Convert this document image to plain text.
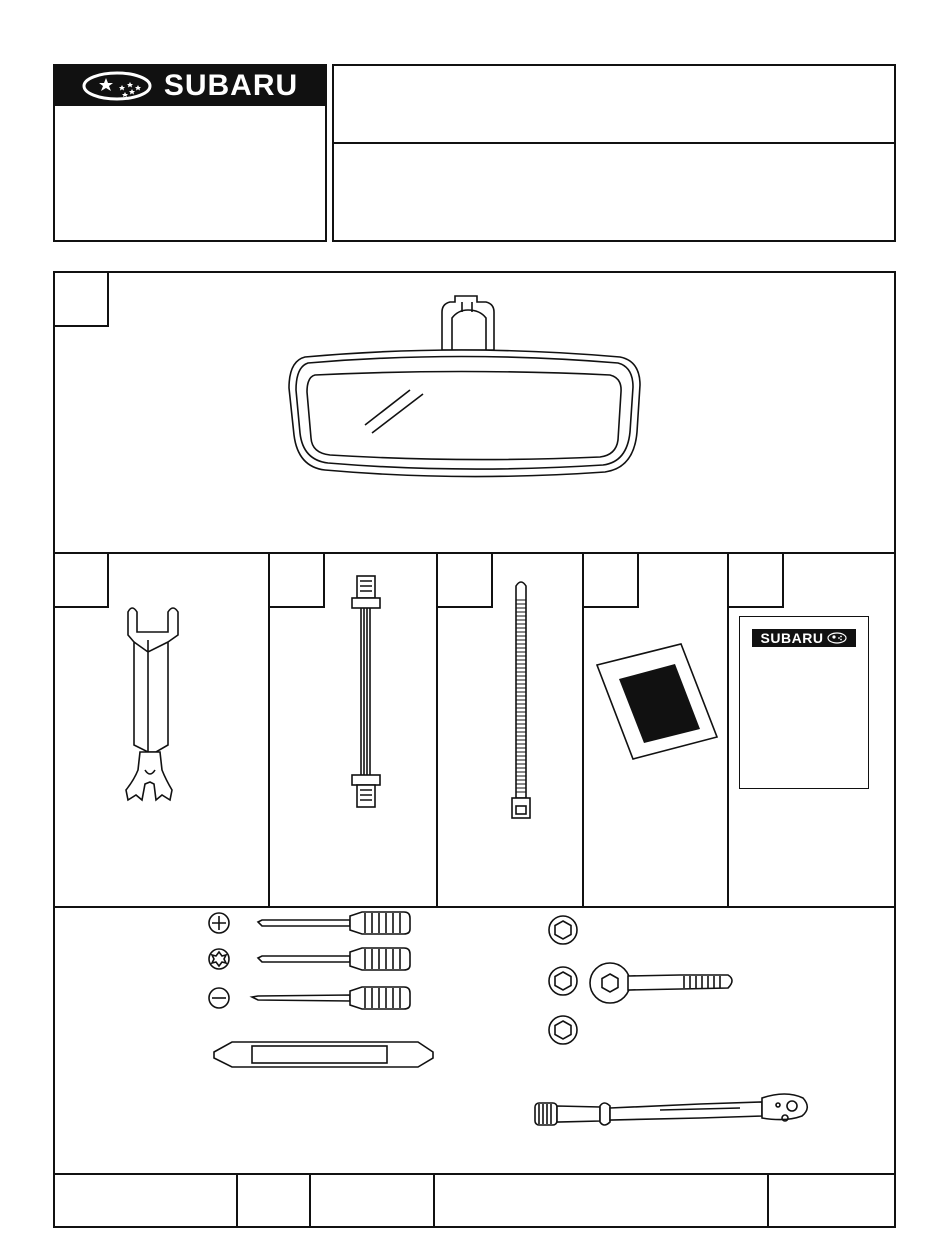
SUBARU
SUBARU
